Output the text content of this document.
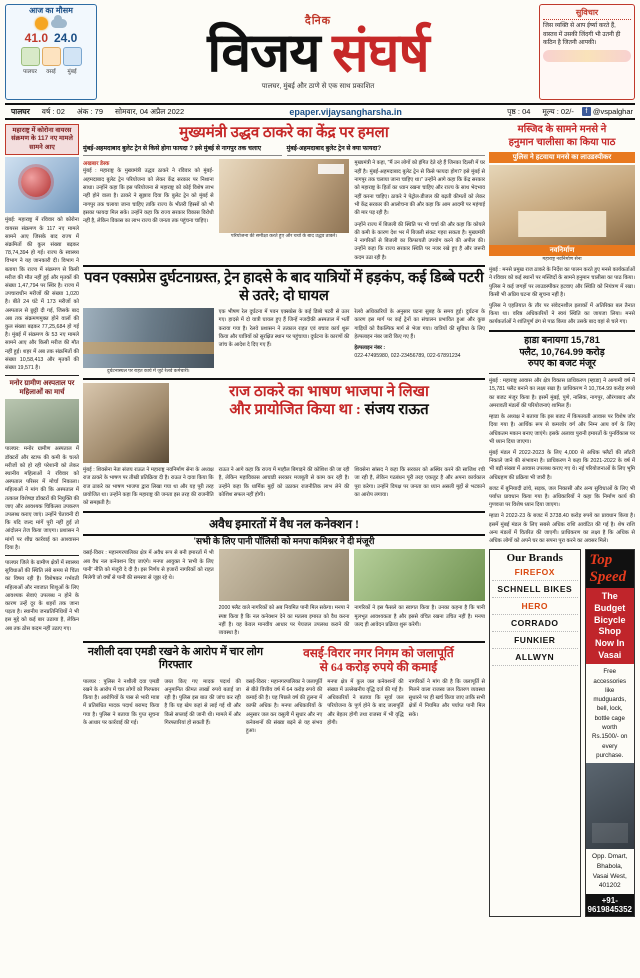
आज का मौसम
41.0 24.0
पालघर	वसई	मुंबई
दैनिक
विजय संघर्ष
पालघर, मुंबई और ठाणे से एक साथ प्रकाशित
सुविचार
जिस व्यक्ति से आप ईर्ष्या करते हैं, वास्तव में उसकी जिंदगी भी उतनी ही कठिन है जितनी आपकी।
पालघर	वर्ष : 02	अंक : 79	सोमवार, 04 अप्रैल 2022	epaper.vijaysangharsha.in	पृष्ठ : 04	मूल्य : 02/-	f @vspalghar
महाराष्ट्र में कोरोना वायरस संक्रमण के 117 नए मामले सामने आए
मुंबई: महाराष्ट्र में रविवार को कोरोना वायरस संक्रमण के 117 नए मामले सामने आए जिसके बाद राज्य में संक्रमितों की कुल संख्या बढ़कर 78,74,394 हो गई। राज्य के स्वास्थ्य विभाग ने यह जानकारी दी। विभाग ने बताया कि राज्य में संक्रमण से किसी मरीज की मौत नहीं हुई और मृतकों की संख्या 1,47,794 पर स्थिर है। राज्य में उपचाराधीन मरीजों की संख्या 1,020 है। बीते 24 घंटे में 173 मरीजों को अस्पताल से छुट्टी दी गई, जिसके बाद अब तक संक्रमणमुक्त होने वालों की कुल संख्या बढ़कर 77,25,684 हो गई है। मुंबई में संक्रमण के 53 नए मामले सामने आए और किसी मरीज की मौत नहीं हुई। शहर में अब तक संक्रमितों की संख्या 10,58,413 और मृतकों की संख्या 19,571 है।
मनोर ग्रामीण अस्पताल पर महिलाओं का मार्च
पालघर: मनोर ग्रामीण अस्पताल में डॉक्टरों और स्टाफ की कमी के चलते मरीजों को हो रही परेशानी को लेकर स्थानीय महिलाओं ने रविवार को अस्पताल परिसर में मोर्चा निकाला। महिलाओं ने मांग की कि अस्पताल में तत्काल विशेषज्ञ डॉक्टरों की नियुक्ति की जाए और आवश्यक चिकित्सा उपकरण उपलब्ध कराए जाएं। उन्होंने चेतावनी दी कि यदि जल्द मांगें पूरी नहीं हुईं तो आंदोलन तेज किया जाएगा। प्रशासन ने मांगों पर शीघ्र कार्रवाई का आश्वासन दिया है।
पालघर जिले के ग्रामीण क्षेत्रों में स्वास्थ्य सुविधाओं की स्थिति लंबे समय से चिंता का विषय रही है। विशेषकर गर्भवती महिलाओं और नवजात शिशुओं के लिए आवश्यक सेवाएं उपलब्ध न होने के कारण उन्हें दूर के शहरों तक जाना पड़ता है। स्थानीय जनप्रतिनिधियों ने भी इस मुद्दे को कई बार उठाया है, लेकिन अब तक ठोस कदम नहीं उठाए गए।
मुख्यमंत्री उद्धव ठाकरे का केंद्र पर हमला
मुंबई-अहमदाबाद बुलेट ट्रेन से किसे होगा फायदा ? इसे मुंबई से नागपुर तक चलाए	मुंबई-अहमदाबाद बुलेट ट्रेन से क्या फायदा?
अखबार डेस्क
मुंबई : महाराष्ट्र के मुख्यमंत्री उद्धव ठाकरे ने रविवार को मुंबई-अहमदाबाद बुलेट ट्रेन परियोजना को लेकर केंद्र सरकार पर निशाना साधा। उन्होंने कहा कि इस परियोजना से महाराष्ट्र को कोई विशेष लाभ नहीं होने वाला है। ठाकरे ने सुझाव दिया कि बुलेट ट्रेन को मुंबई से नागपुर तक चलाया जाना चाहिए ताकि राज्य के भीतरी हिस्सों को भी इसका फायदा मिल सके। उन्होंने कहा कि राज्य सरकार विकास विरोधी नहीं है, लेकिन विकास का लाभ राज्य की जनता तक पहुंचना चाहिए।
परियोजना की समीक्षा करते हुए और चर्चा के बाद उद्धव ठाकरे।
मुख्यमंत्री ने कहा, "मैं उन लोगों को इंगित देते रहे हैं जिनका दिल्ली में घर नहीं है। मुंबई-अहमदाबाद बुलेट ट्रेन से किसे फायदा होगा? इसे मुंबई से नागपुर तक चलाया जाना चाहिए था।" उन्होंने आगे कहा कि केंद्र सरकार को महाराष्ट्र के हितों का ध्यान रखना चाहिए और राज्य के साथ भेदभाव नहीं करना चाहिए। ठाकरे ने पेट्रोल-डीजल की बढ़ती कीमतों को लेकर भी केंद्र सरकार की आलोचना की और कहा कि आम आदमी पर महंगाई की मार पड़ रही है।
उन्होंने राज्य में बिजली की स्थिति पर भी चर्चा की और कहा कि कोयले की कमी के कारण देश भर में बिजली संकट गहरा सकता है। मुख्यमंत्री ने नागरिकों से बिजली का किफायती उपयोग करने की अपील की। उन्होंने कहा कि राज्य सरकार स्थिति पर नजर रखे हुए है और जरूरी कदम उठा रही है।
पवन एक्सप्रेस दुर्घटनाग्रस्त, ट्रेन हादसे के बाद यात्रियों में हड़कंप, कई डिब्बे पटरी से उतरे; दो घायल
दुर्घटनास्थल पर राहत कार्य में जुटे रेलवे कर्मचारी।
एक भीषण रेल दुर्घटना में पवन एक्सप्रेस के कई डिब्बे पटरी से उतर गए। हादसे में दो यात्री घायल हुए हैं जिन्हें नजदीकी अस्पताल में भर्ती कराया गया है। रेलवे प्रशासन ने तत्काल राहत एवं बचाव कार्य शुरू किया और यात्रियों को सुरक्षित स्थान पर पहुंचाया। दुर्घटना के कारणों की जांच के आदेश दे दिए गए हैं।
रेलवे अधिकारियों के अनुसार घटना सुबह के समय हुई। दुर्घटना के कारण इस मार्ग पर कई ट्रेनों का संचालन प्रभावित हुआ और कुछ गाड़ियों को वैकल्पिक मार्ग से भेजा गया। यात्रियों की सुविधा के लिए हेल्पलाइन नंबर जारी किए गए हैं।
हेल्पलाइन नंबर :
022-47495980, 022-23456789, 022-67891234
राज ठाकरे का भाषण भाजपा ने लिखा
और प्रायोजित किया था : संजय राऊत
मुंबई : शिवसेना नेता संजय राऊत ने महाराष्ट्र नवनिर्माण सेना के अध्यक्ष राज ठाकरे के भाषण पर तीखी प्रतिक्रिया दी है। राऊत ने दावा किया कि राज ठाकरे का भाषण भाजपा द्वारा लिखा गया था और यह पूरी तरह प्रायोजित था। उन्होंने कहा कि महाराष्ट्र की जनता इस तरह की राजनीति को समझती है।
राऊत ने आगे कहा कि राज्य में माहौल बिगाड़ने की कोशिश की जा रही है, लेकिन महाविकास आघाडी सरकार मजबूती से काम कर रही है। उन्होंने कहा कि धार्मिक मुद्दों को उठाकर राजनीतिक लाभ लेने की कोशिश सफल नहीं होगी।
शिवसेना सांसद ने कहा कि सरकार को अस्थिर करने की साजिश रची जा रही है, लेकिन गठबंधन पूरी तरह एकजुट है और अपना कार्यकाल पूरा करेगा। उन्होंने विपक्ष पर जनता का ध्यान असली मुद्दों से भटकाने का आरोप लगाया।
अवैध इमारतों में वैध नल कनेक्शन !
'सभी के लिए पानी पॉलिसी को मनपा कमिश्नर ने दी मंजूरी
वसई-विरार : महानगरपालिका क्षेत्र में अवैध रूप से बनी इमारतों में भी अब वैध नल कनेक्शन दिए जाएंगे। मनपा आयुक्त ने 'सभी के लिए पानी' नीति को मंजूरी दे दी है। इस निर्णय से हजारों नागरिकों को राहत मिलेगी जो वर्षों से पानी की समस्या से जूझ रहे थे।
2000 फ्लैट वाले नागरिकों को अब नियमित पानी मिल सकेगा। मनपा ने स्पष्ट किया है कि नल कनेक्शन देने का मतलब इमारत को वैध करना नहीं है। यह केवल मानवीय आधार पर पेयजल उपलब्ध कराने की व्यवस्था है।
नागरिकों ने इस फैसले का स्वागत किया है। उनका कहना है कि पानी मूलभूत आवश्यकता है और इससे वंचित रखना उचित नहीं है। मनपा जल्द ही आवेदन प्रक्रिया शुरू करेगी।
नशीली दवा एमडी रखने के आरोप में चार लोग गिरफ्तार
वसई-विरार नगर निगम को जलापूर्ति
से 64 करोड़ रुपये की कमाई
पालघर : पुलिस ने नशीली दवा एमडी रखने के आरोप में चार लोगों को गिरफ्तार किया है। आरोपियों के पास से भारी मात्रा में प्रतिबंधित मादक पदार्थ बरामद किया गया है। पुलिस ने बताया कि गुप्त सूचना के आधार पर कार्रवाई की गई।
जब्त किए गए मादक पदार्थ की अनुमानित कीमत लाखों रुपये बताई जा रही है। पुलिस इस बात की जांच कर रही है कि यह खेप कहां से लाई गई थी और किसे सप्लाई की जानी थी। मामले में और गिरफ्तारियां हो सकती हैं।
वसई-विरार : महानगरपालिका ने जलापूर्ति से बीते वित्तीय वर्ष में 64 करोड़ रुपये की कमाई की है। यह पिछले वर्ष की तुलना में काफी अधिक है। मनपा अधिकारियों के अनुसार जल कर वसूली में सुधार और नए कनेक्शनों की संख्या बढ़ने से यह संभव हुआ।
मनपा क्षेत्र में कुल जल कनेक्शनों की संख्या में उल्लेखनीय वृद्धि दर्ज की गई है। अधिकारियों ने बताया कि सूर्या जल परियोजना के पूर्ण होने के बाद जलापूर्ति और बेहतर होगी तथा राजस्व में भी वृद्धि होगी।
नागरिकों ने मांग की है कि जलापूर्ति से मिलने वाला राजस्व जल वितरण व्यवस्था सुधारने पर ही खर्च किया जाए ताकि सभी क्षेत्रों में नियमित और पर्याप्त पानी मिल सके।
मस्जिद के सामने मनसे ने
हनुमान चालीसा का किया पाठ
पुलिस ने हटवाया मनसे का लाउडस्पीकर
नवनिर्माण
महाराष्ट्र नवनिर्माण सेना
मुंबई : मनसे प्रमुख राज ठाकरे के निर्देश का पालन करते हुए मनसे कार्यकर्ताओं ने रविवार को कई स्थानों पर मस्जिदों के सामने हनुमान चालीसा का पाठ किया। पुलिस ने कई जगहों पर लाउडस्पीकर हटवाए और स्थिति को नियंत्रण में रखा। किसी भी अप्रिय घटना की सूचना नहीं है।
पुलिस ने एहतियात के तौर पर संवेदनशील इलाकों में अतिरिक्त बल तैनात किया था। वरिष्ठ अधिकारियों ने स्वयं स्थिति का जायजा लिया। मनसे कार्यकर्ताओं ने शांतिपूर्ण ढंग से पाठ किया और उसके बाद वहां से चले गए।
हाडा बनायगा 15,781
फ्लैट, 10,764.99 करोड़
रुपए का बजट मंजूर
मुंबई : महाराष्ट्र आवास और क्षेत्र विकास प्राधिकरण (म्हाडा) ने आगामी वर्ष में 15,781 फ्लैट बनाने का लक्ष्य रखा है। प्राधिकरण ने 10,764.99 करोड़ रुपये का बजट मंजूर किया है। इसमें मुंबई, पुणे, नासिक, नागपुर, औरंगाबाद और अमरावती मंडलों की परियोजनाएं शामिल हैं।
म्हाडा के अध्यक्ष ने बताया कि इस बजट में किफायती आवास पर विशेष जोर दिया गया है। आर्थिक रूप से कमजोर वर्ग और निम्न आय वर्ग के लिए अधिकतम मकान बनाए जाएंगे। इसके अलावा पुरानी इमारतों के पुनर्विकास पर भी ध्यान दिया जाएगा।
मुंबई मंडल में 2022-2023 के लिए 4,000 से अधिक फ्लैटों की लॉटरी निकाले जाने की संभावना है। प्राधिकरण ने कहा कि 2021-2022 के वर्ष में भी बड़ी संख्या में आवास उपलब्ध कराए गए थे। नई परियोजनाओं के लिए भूमि अधिग्रहण की प्रक्रिया भी जारी है।
बजट में बुनियादी ढांचे, सड़क, जल निकासी और अन्य सुविधाओं के लिए भी पर्याप्त प्रावधान किया गया है। अधिकारियों ने कहा कि निर्माण कार्य की गुणवत्ता पर विशेष ध्यान दिया जाएगा।
म्हाडा ने 2022-23 के बजट में 3738.40 करोड़ रुपये का प्रावधान किया है। इसमें मुंबई मंडल के लिए सबसे अधिक राशि आवंटित की गई है। शेष राशि अन्य मंडलों में वितरित की जाएगी। प्राधिकरण का लक्ष्य है कि अधिक से अधिक लोगों को अपने घर का सपना पूरा करने का अवसर मिले।
Our Brands
FIREFOX
SCHNELL BIKES
HERO
CORRADO
FUNKIER
ALLWYN
Top Speed
The Budget Bicycle Shop
Now In Vasai
Free accessories like mudguards, bell, lock, bottle cage worth Rs.1500/- on every purchase.
Opp. Dmart, Bhabola,
Vasai West, 401202
+91-9619845352
